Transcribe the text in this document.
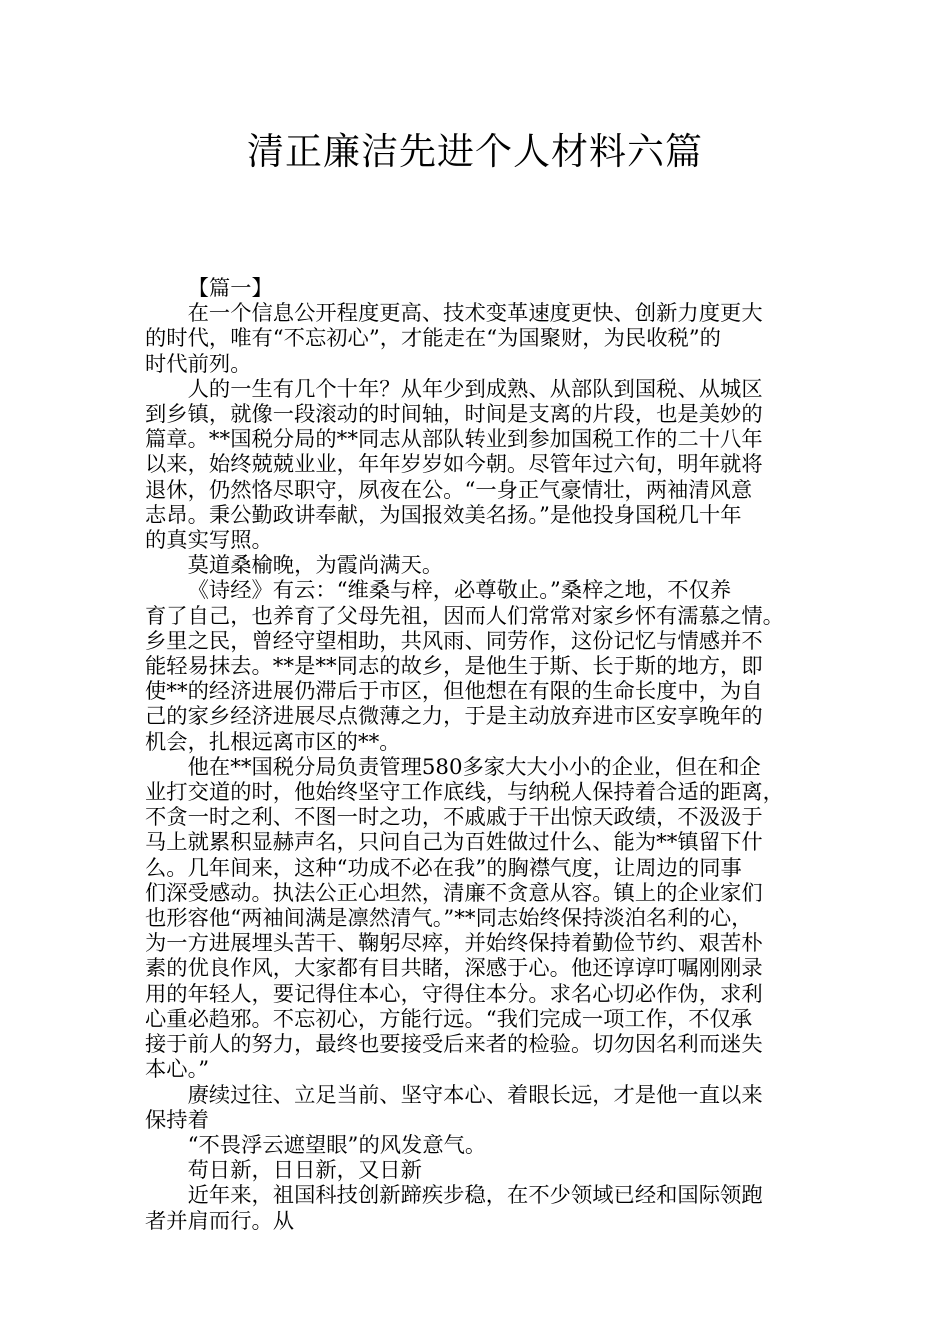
清正廉洁先进个人材料六篇

【篇一】

在一个信息公开程度更高、技术变革速度更快、创新力度更大
的时代，唯有“不忘初心”，才能走在“为国聚财，为民收税”的
时代前列。

人的一生有几个十年？从年少到成熟、从部队到国税、从城区
到乡镇，就像一段滚动的时间轴，时间是支离的片段，也是美妙的
篇章。**国税分局的**同志从部队转业到参加国税工作的二十八年
以来，始终兢兢业业，年年岁岁如今朝。尽管年过六旬，明年就将
退休，仍然恪尽职守，夙夜在公。“一身正气豪情壮，两袖清风意
志昂。秉公勤政讲奉献，为国报效美名扬。”是他投身国税几十年
的真实写照。

莫道桑榆晚，为霞尚满天。

《诗经》有云：“维桑与梓，必尊敬止。”桑梓之地，不仅养
育了自己，也养育了父母先祖，因而人们常常对家乡怀有濡慕之情。
乡里之民，曾经守望相助，共风雨、同劳作，这份记忆与情感并不
能轻易抹去。**是**同志的故乡，是他生于斯、长于斯的地方，即
使**的经济进展仍滞后于市区，但他想在有限的生命长度中，为自
己的家乡经济进展尽点微薄之力，于是主动放弃进市区安享晚年的
机会，扎根远离市区的**。

他在**国税分局负责管理580多家大大小小的企业，但在和企
业打交道的时，他始终坚守工作底线，与纳税人保持着合适的距离，
不贪一时之利、不图一时之功，不戚戚于干出惊天政绩，不汲汲于
马上就累积显赫声名，只问自己为百姓做过什么、能为**镇留下什
么。几年间来，这种“功成不必在我”的胸襟气度，让周边的同事
们深受感动。执法公正心坦然，清廉不贪意从容。镇上的企业家们
也形容他“两袖间满是凛然清气。”**同志始终保持淡泊名利的心，
为一方进展埋头苦干、鞠躬尽瘁，并始终保持着勤俭节约、艰苦朴
素的优良作风，大家都有目共睹，深感于心。他还谆谆叮嘱刚刚录
用的年轻人，要记得住本心，守得住本分。求名心切必作伪，求利
心重必趋邪。不忘初心，方能行远。“我们完成一项工作，不仅承
接于前人的努力，最终也要接受后来者的检验。切勿因名利而迷失
本心。”

赓续过往、立足当前、坚守本心、着眼长远，才是他一直以来
保持着

“不畏浮云遮望眼”的风发意气。

苟日新，日日新，又日新

近年来，祖国科技创新蹄疾步稳，在不少领域已经和国际领跑
者并肩而行。从
